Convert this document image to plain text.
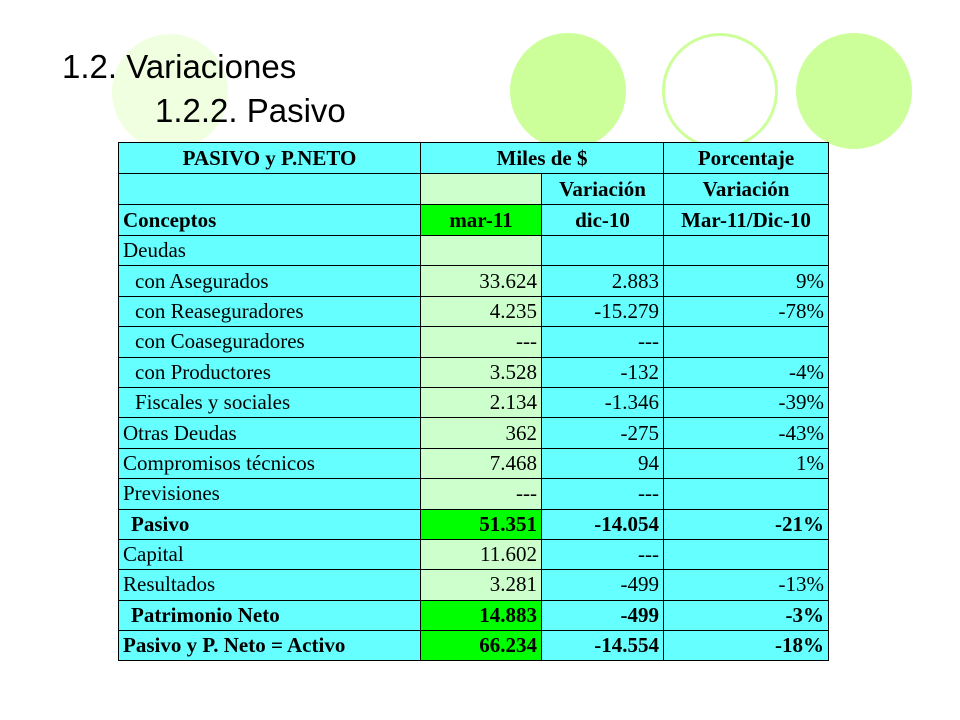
1.2. Variaciones
1.2.2. Pasivo
PASIVO y P.NETO	Miles de $		Porcentaje
		Variación	Variación
Conceptos	mar-11	dic-10	Mar-11/Dic-10
Deudas			
con Asegurados	33.624	2.883	9%
con Reaseguradores	4.235	-15.279	-78%
con Coaseguradores	---	---	
con Productores	3.528	-132	-4%
Fiscales y sociales	2.134	-1.346	-39%
Otras Deudas	362	-275	-43%
Compromisos técnicos	7.468	94	1%
Previsiones	---	---	
Pasivo	51.351	-14.054	-21%
Capital	11.602	---	
Resultados	3.281	-499	-13%
Patrimonio Neto	14.883	-499	-3%
Pasivo y P. Neto = Activo	66.234	-14.554	-18%
